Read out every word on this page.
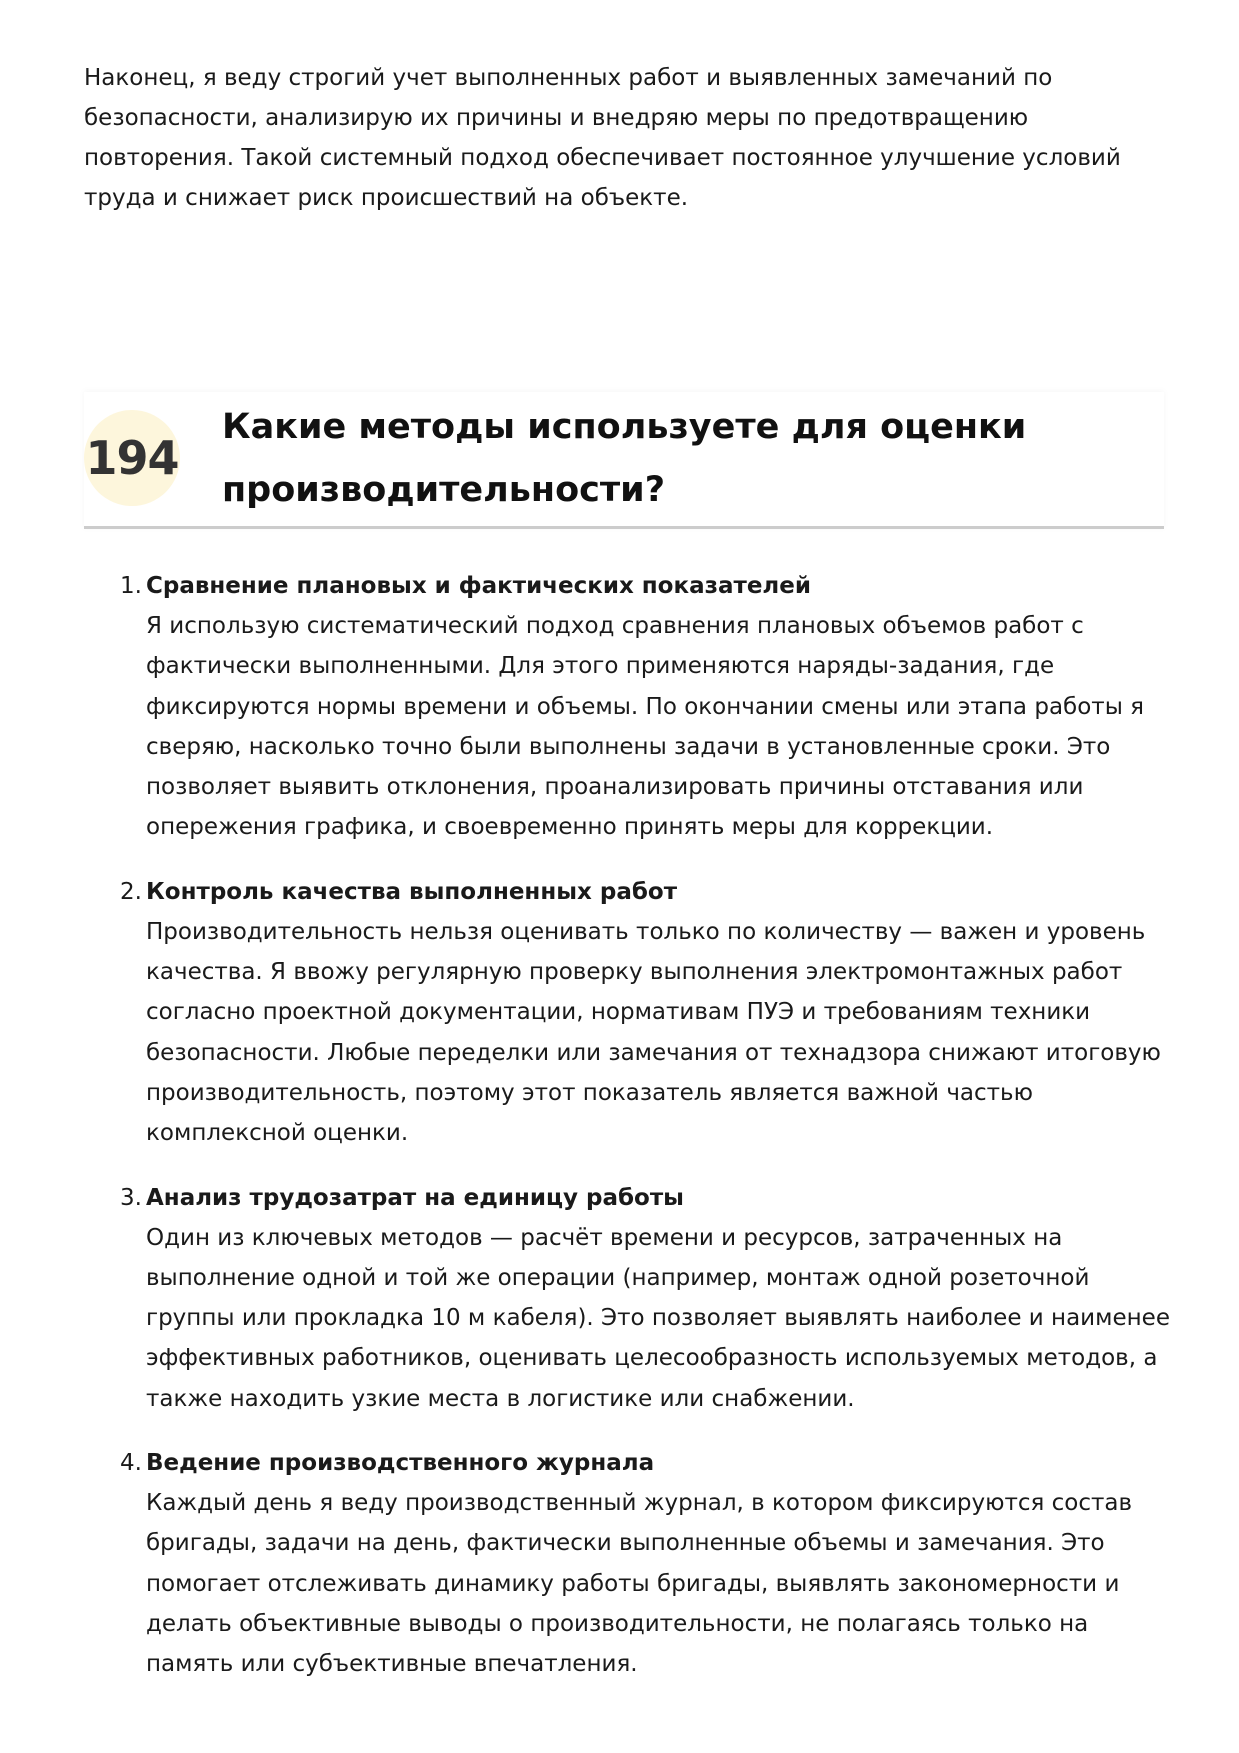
Наконец, я веду строгий учет выполненных работ и выявленных замечаний по безопасности, анализирую их причины и внедряю меры по предотвращению повторения. Такой системный подход обеспечивает постоянное улучшение условий труда и снижает риск происшествий на объекте.

194
Какие методы используете для оценки производительности?
1. Сравнение плановых и фактических показателей
Я использую систематический подход сравнения плановых объемов работ с фактически выполненными. Для этого применяются наряды-задания, где фиксируются нормы времени и объемы. По окончании смены или этапа работы я сверяю, насколько точно были выполнены задачи в установленные сроки. Это позволяет выявить отклонения, проанализировать причины отставания или опережения графика, и своевременно принять меры для коррекции.
2. Контроль качества выполненных работ
Производительность нельзя оценивать только по количеству — важен и уровень качества. Я ввожу регулярную проверку выполнения электромонтажных работ согласно проектной документации, нормативам ПУЭ и требованиям техники безопасности. Любые переделки или замечания от технадзора снижают итоговую производительность, поэтому этот показатель является важной частью комплексной оценки.
3. Анализ трудозатрат на единицу работы
Один из ключевых методов — расчёт времени и ресурсов, затраченных на выполнение одной и той же операции (например, монтаж одной розеточной группы или прокладка 10 м кабеля). Это позволяет выявлять наиболее и наименее эффективных работников, оценивать целесообразность используемых методов, а также находить узкие места в логистике или снабжении.
4. Ведение производственного журнала
Каждый день я веду производственный журнал, в котором фиксируются состав бригады, задачи на день, фактически выполненные объемы и замечания. Это помогает отслеживать динамику работы бригады, выявлять закономерности и делать объективные выводы о производительности, не полагаясь только на память или субъективные впечатления.
